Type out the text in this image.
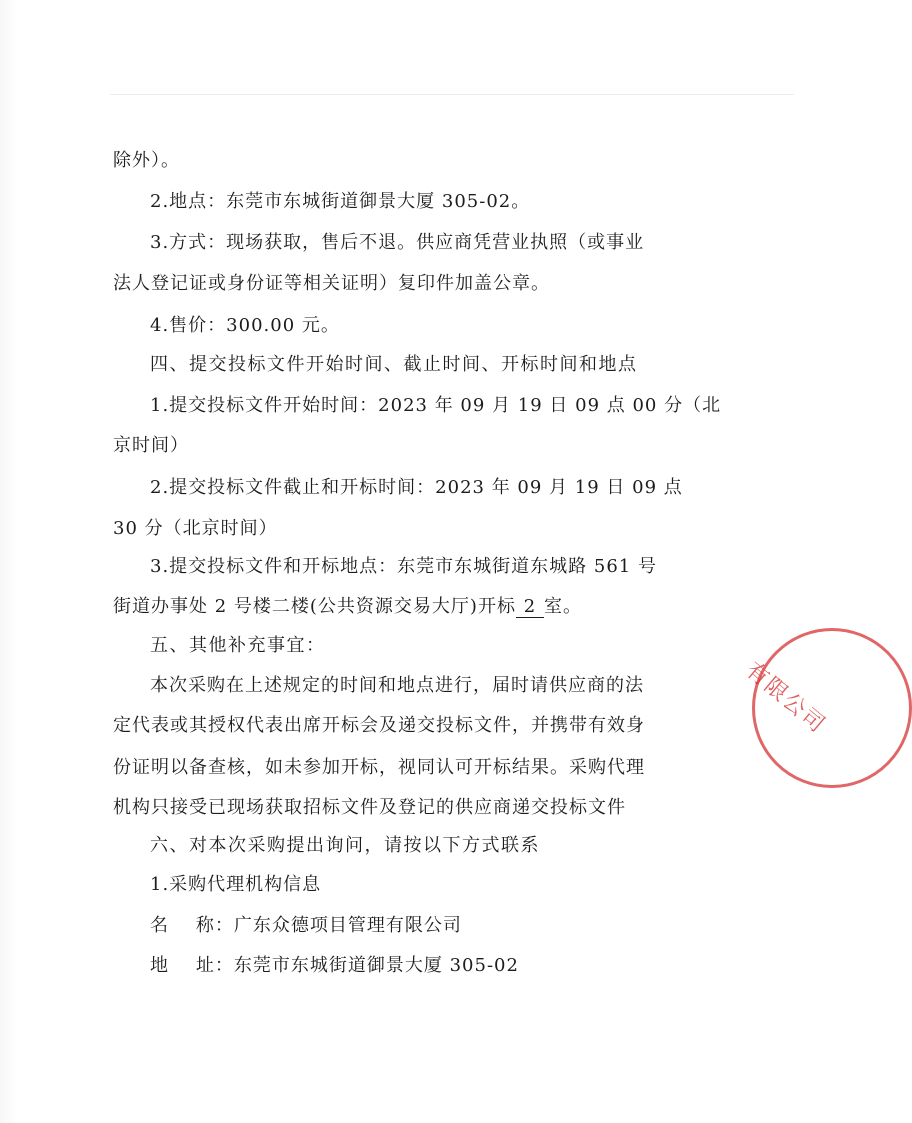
除外）。
2.地点：东莞市东城街道御景大厦 305-02。
3.方式：现场获取，售后不退。供应商凭营业执照（或事业
法人登记证或身份证等相关证明）复印件加盖公章。
4.售价：300.00 元。
四、提交投标文件开始时间、截止时间、开标时间和地点
1.提交投标文件开始时间：2023 年 09 月 19 日 09 点 00 分（北
京时间）
2.提交投标文件截止和开标时间：2023 年 09 月 19 日 09 点
30 分（北京时间）
3.提交投标文件和开标地点：东莞市东城街道东城路 561 号
街道办事处 2 号楼二楼(公共资源交易大厅)开标 2 室。
五、其他补充事宜：
本次采购在上述规定的时间和地点进行，届时请供应商的法
定代表或其授权代表出席开标会及递交投标文件，并携带有效身
份证明以备查核，如未参加开标，视同认可开标结果。采购代理
机构只接受已现场获取招标文件及登记的供应商递交投标文件
六、对本次采购提出询问，请按以下方式联系
1.采购代理机构信息
名    称：广东众德项目管理有限公司
地    址：东莞市东城街道御景大厦 305-02
有限公司
